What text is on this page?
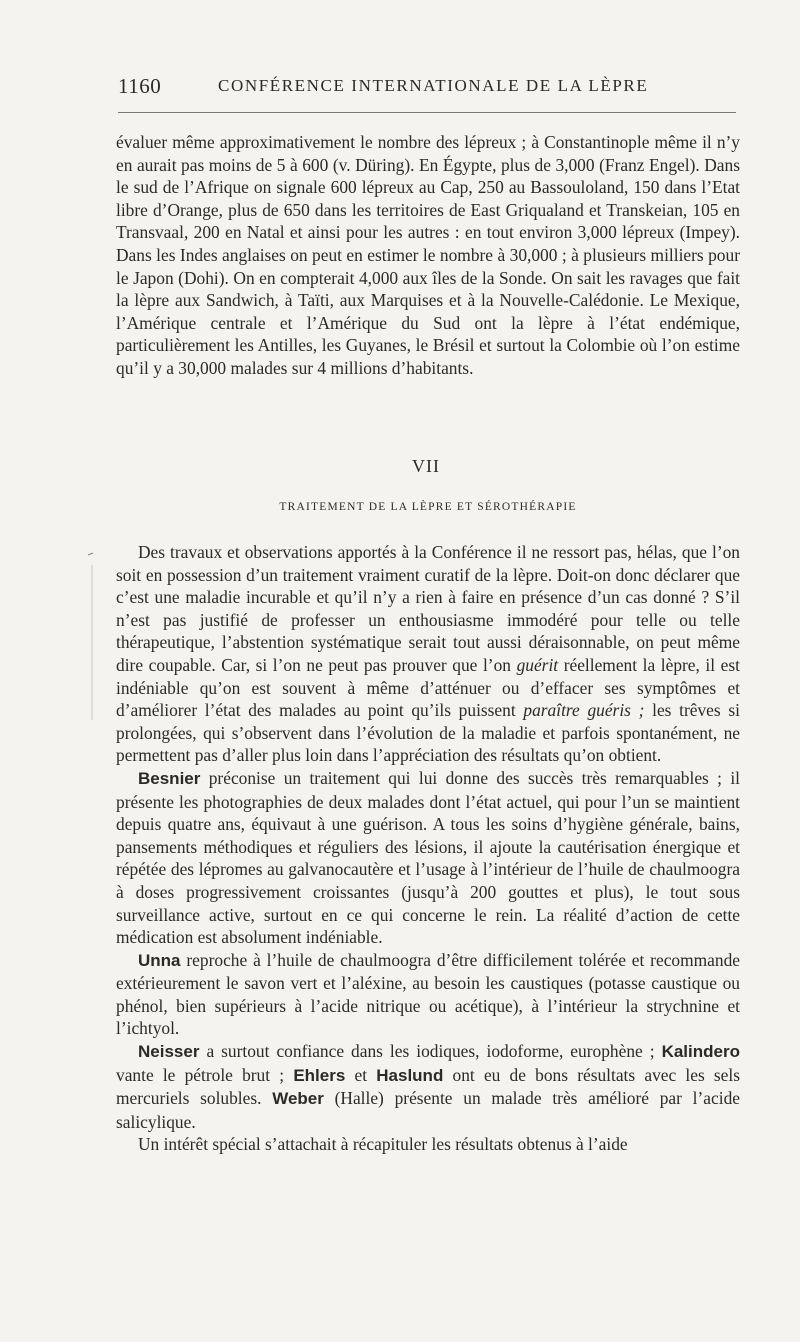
1160	CONFÉRENCE INTERNATIONALE DE LA LÈPRE

évaluer même approximativement le nombre des lépreux ; à Constantinople même il n’y en aurait pas moins de 5 à 600 (v. Düring). En Égypte, plus de 3,000 (Franz Engel). Dans le sud de l’Afrique on signale 600 lépreux au Cap, 250 au Bassouloland, 150 dans l’Etat libre d’Orange, plus de 650 dans les territoires de East Griqualand et Transkeian, 105 en Transvaal, 200 en Natal et ainsi pour les autres : en tout environ 3,000 lépreux (Impey). Dans les Indes anglaises on peut en estimer le nombre à 30,000 ; à plusieurs milliers pour le Japon (Dohi). On en compterait 4,000 aux îles de la Sonde. On sait les ravages que fait la lèpre aux Sandwich, à Taïti, aux Marquises et à la Nouvelle-Calédonie. Le Mexique, l’Amérique centrale et l’Amérique du Sud ont la lèpre à l’état endémique, particulièrement les Antilles, les Guyanes, le Brésil et surtout la Colombie où l’on estime qu’il y a 30,000 malades sur 4 millions d’habitants.

VII
TRAITEMENT DE LA LÈPRE ET SÉROTHÉRAPIE

Des travaux et observations apportés à la Conférence il ne ressort pas, hélas, que l’on soit en possession d’un traitement vraiment curatif de la lèpre. Doit-on donc déclarer que c’est une maladie incurable et qu’il n’y a rien à faire en présence d’un cas donné ? S’il n’est pas justifié de professer un enthousiasme immodéré pour telle ou telle thérapeutique, l’abstention systématique serait tout aussi déraisonnable, on peut même dire coupable. Car, si l’on ne peut pas prouver que l’on guérit réellement la lèpre, il est indéniable qu’on est souvent à même d’atténuer ou d’effacer ses symptômes et d’améliorer l’état des malades au point qu’ils puissent paraître guéris ; les trêves si prolongées, qui s’observent dans l’évolution de la maladie et parfois spontanément, ne permettent pas d’aller plus loin dans l’appréciation des résultats qu’on obtient.

Besnier préconise un traitement qui lui donne des succès très remarquables ; il présente les photographies de deux malades dont l’état actuel, qui pour l’un se maintient depuis quatre ans, équivaut à une guérison. A tous les soins d’hygiène générale, bains, pansements méthodiques et réguliers des lésions, il ajoute la cautérisation énergique et répétée des lépromes au galvanocautère et l’usage à l’intérieur de l’huile de chaulmoogra à doses progressivement croissantes (jusqu’à 200 gouttes et plus), le tout sous surveillance active, surtout en ce qui concerne le rein. La réalité d’action de cette médication est absolument indéniable.

Unna reproche à l’huile de chaulmoogra d’être difficilement tolérée et recommande extérieurement le savon vert et l’aléxine, au besoin les caustiques (potasse caustique ou phénol, bien supérieurs à l’acide nitrique ou acétique), à l’intérieur la strychnine et l’ichtyol.

Neisser a surtout confiance dans les iodiques, iodoforme, europhène ; Kalindero vante le pétrole brut ; Ehlers et Haslund ont eu de bons résultats avec les sels mercuriels solubles. Weber (Halle) présente un malade très amélioré par l’acide salicylique.

Un intérêt spécial s’attachait à récapituler les résultats obtenus à l’aide
